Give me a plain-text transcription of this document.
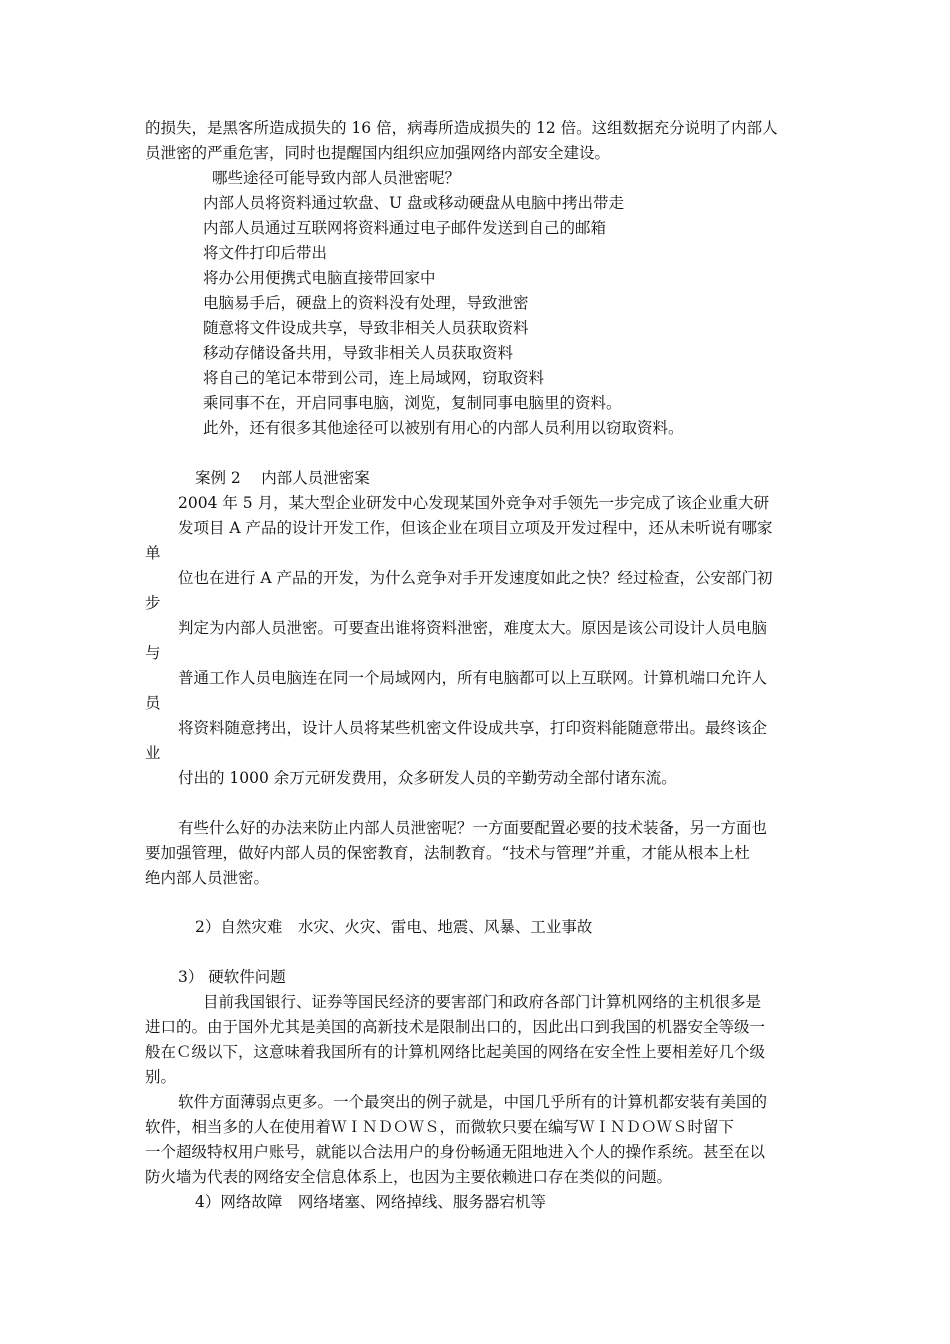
的损失，是黑客所造成损失的 16 倍，病毒所造成损失的 12 倍。这组数据充分说明了内部人
员泄密的严重危害，同时也提醒国内组织应加强网络内部安全建设。
哪些途径可能导致内部人员泄密呢？
内部人员将资料通过软盘、U 盘或移动硬盘从电脑中拷出带走
内部人员通过互联网将资料通过电子邮件发送到自己的邮箱
将文件打印后带出
将办公用便携式电脑直接带回家中
电脑易手后，硬盘上的资料没有处理，导致泄密
随意将文件设成共享，导致非相关人员获取资料
移动存储设备共用，导致非相关人员获取资料
将自己的笔记本带到公司，连上局域网，窃取资料
乘同事不在，开启同事电脑，浏览，复制同事电脑里的资料。
此外，还有很多其他途径可以被别有用心的内部人员利用以窃取资料。
案例 2　 内部人员泄密案
2004 年 5 月，某大型企业研发中心发现某国外竞争对手领先一步完成了该企业重大研
发项目 A 产品的设计开发工作，但该企业在项目立项及开发过程中，还从未听说有哪家
单
位也在进行 A 产品的开发，为什么竞争对手开发速度如此之快？经过检查，公安部门初
步
判定为内部人员泄密。可要查出谁将资料泄密，难度太大。原因是该公司设计人员电脑
与
普通工作人员电脑连在同一个局域网内，所有电脑都可以上互联网。计算机端口允许人
员
将资料随意拷出，设计人员将某些机密文件设成共享，打印资料能随意带出。最终该企
业
付出的 1000 余万元研发费用，众多研发人员的辛勤劳动全部付诸东流。
有些什么好的办法来防止内部人员泄密呢？一方面要配置必要的技术装备，另一方面也
要加强管理，做好内部人员的保密教育，法制教育。“技术与管理”并重，才能从根本上杜
绝内部人员泄密。
2）自然灾难　水灾、火灾、雷电、地震、风暴、工业事故
3） 硬软件问题
目前我国银行、证券等国民经济的要害部门和政府各部门计算机网络的主机很多是
进口的。由于国外尤其是美国的高新技术是限制出口的，因此出口到我国的机器安全等级一
般在Ｃ级以下，这意味着我国所有的计算机网络比起美国的网络在安全性上要相差好几个级
别。
软件方面薄弱点更多。一个最突出的例子就是，中国几乎所有的计算机都安装有美国的
软件，相当多的人在使用着ＷＩＮＤＯＷＳ，而微软只要在编写ＷＩＮＤＯＷＳ时留下
一个超级特权用户账号，就能以合法用户的身份畅通无阻地进入个人的操作系统。甚至在以
防火墙为代表的网络安全信息体系上，也因为主要依赖进口存在类似的问题。
4）网络故障　网络堵塞、网络掉线、服务器宕机等
